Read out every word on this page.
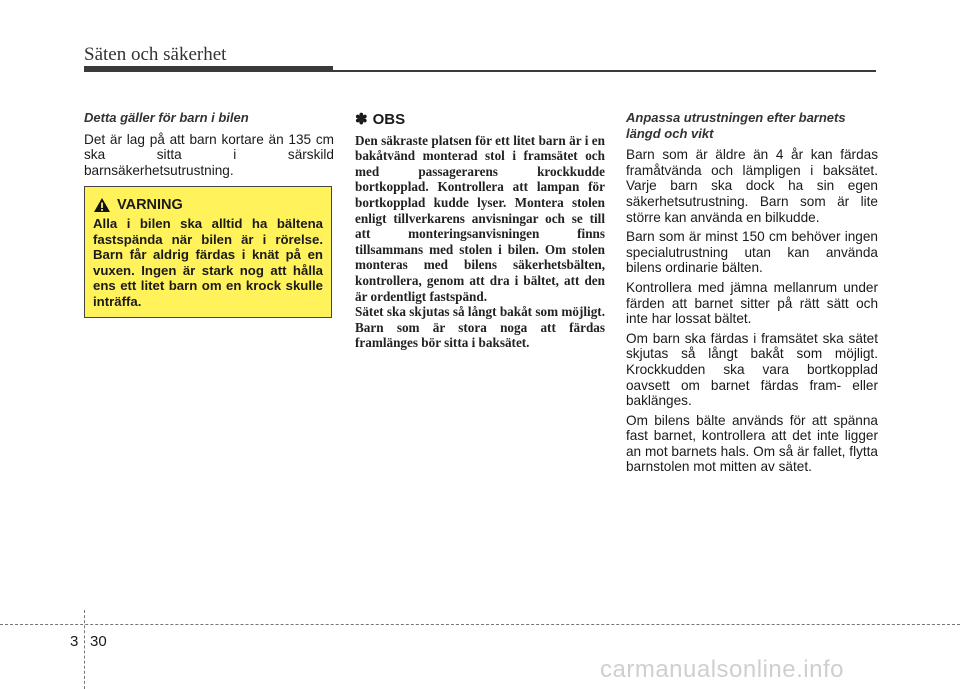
Säten och säkerhet

Detta gäller för barn i bilen

Det är lag på att barn kortare än 135 cm ska sitta i särskild barnsäkerhetsutrustning.

VARNING
Alla i bilen ska alltid ha bältena fastspända när bilen är i rörelse. Barn får aldrig färdas i knät på en vuxen. Ingen är stark nog att hålla ens ett litet barn om en krock skulle inträffa.
✽ OBS

Den säkraste platsen för ett litet barn är i en bakåtvänd monterad stol i framsätet och med passagerarens krockkudde bortkopplad. Kontrollera att lampan för bortkopplad kudde lyser. Montera stolen enligt tillverkarens anvisningar och se till att monteringsanvisningen finns tillsammans med stolen i bilen. Om stolen monteras med bilens säkerhetsbälten, kontrollera, genom att dra i bältet, att den är ordentligt fastspänd.

Sätet ska skjutas så långt bakåt som möjligt. Barn som är stora noga att färdas framlänges bör sitta i baksätet.

Anpassa utrustningen efter barnets längd och vikt

Barn som är äldre än 4 år kan färdas framåtvända och lämpligen i baksätet. Varje barn ska dock ha sin egen säkerhetsutrustning. Barn som är lite större kan använda en bilkudde.

Barn som är minst 150 cm behöver ingen specialutrustning utan kan använda bilens ordinarie bälten.

Kontrollera med jämna mellanrum under färden att barnet sitter på rätt sätt och inte har lossat bältet.

Om barn ska färdas i framsätet ska sätet skjutas så långt bakåt som möjligt. Krockkudden ska vara bortkopplad oavsett om barnet färdas fram- eller baklänges.

Om bilens bälte används för att spänna fast barnet, kontrollera att det inte ligger an mot barnets hals. Om så är fallet, flytta barnstolen mot mitten av sätet.

3 30
carmanualsonline.info
